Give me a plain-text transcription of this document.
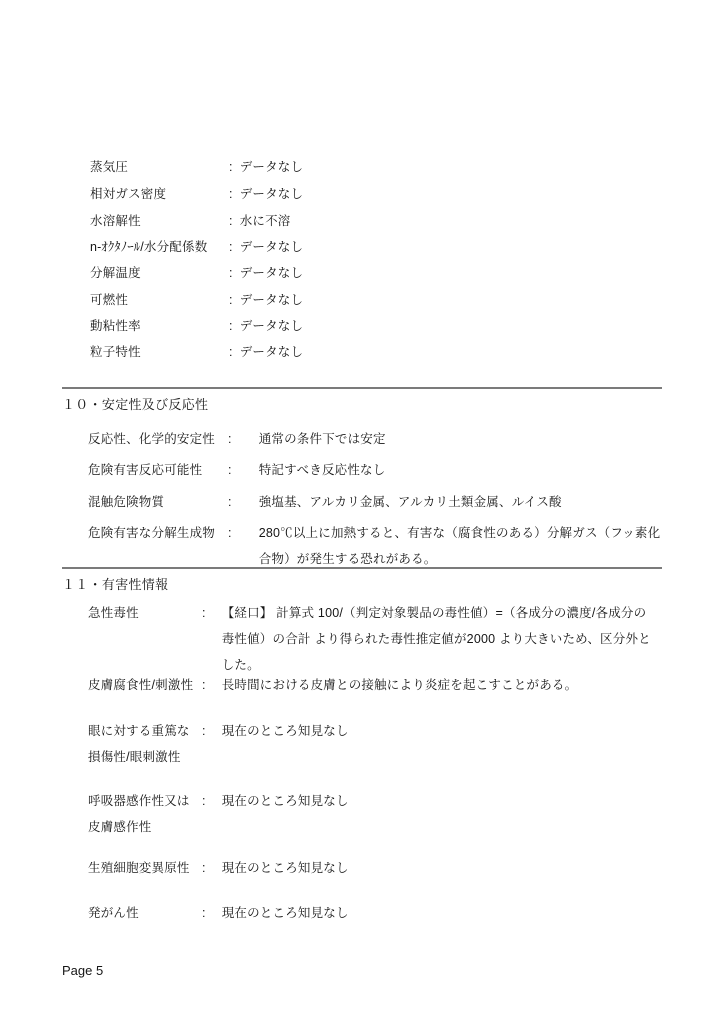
蒸気圧	: データなし
相対ガス密度	: データなし
水溶解性	: 水に不溶
n-ｵｸﾀﾉｰﾙ/水分配係数 : データなし
分解温度	: データなし
可燃性	: データなし
動粘性率	: データなし
粒子特性	: データなし
１０・安定性及び反応性
反応性、化学的安定性 : 通常の条件下では安定
危険有害反応可能性 : 特記すべき反応性なし
混触危険物質	: 強塩基、アルカリ金属、アルカリ土類金属、ルイス酸
危険有害な分解生成物 : 280℃以上に加熱すると、有害な（腐食性のある）分解ガス（フッ素化合物）が発生する恐れがある。
１１・有害性情報
急性毒性	: 【経口】 計算式 100/（判定対象製品の毒性値）=（各成分の濃度/各成分の毒性値）の合計 より得られた毒性推定値が2000 より大きいため、区分外とした。
皮膚腐食性/刺激性 : 長時間における皮膚との接触により炎症を起こすことがある。
眼に対する重篤な損傷性/眼刺激性: 現在のところ知見なし
呼吸器感作性又は皮膚感作性: 現在のところ知見なし
生殖細胞変異原性 : 現在のところ知見なし
発がん性	: 現在のところ知見なし
Page 5
